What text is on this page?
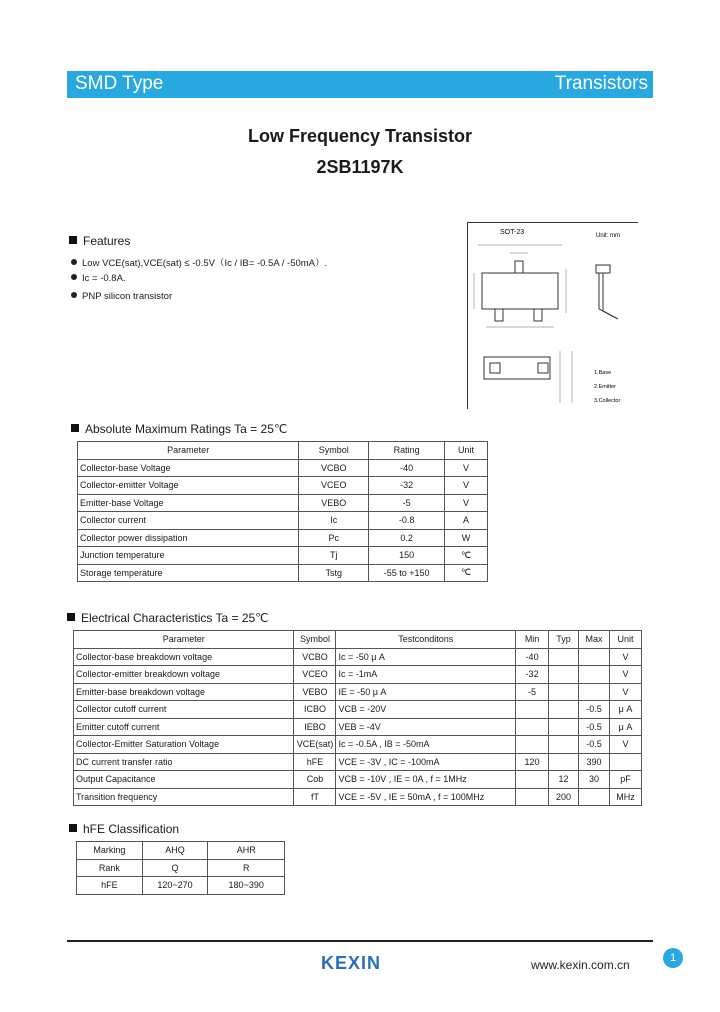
SMD Type	Transistors
Low Frequency Transistor
2SB1197K
Features
Low VCE(sat),VCE(sat) ≤ -0.5V（Ic / IB= -0.5A / -50mA）.
Ic = -0.8A.
PNP silicon transistor
SOT-23	Unit: mm
1.Base
2.Emitter
3.Collector
Absolute Maximum Ratings Ta = 25℃
Parameter	Symbol	Rating	Unit
Collector-base Voltage	VCBO	-40	V
Collector-emitter Voltage	VCEO	-32	V
Emitter-base Voltage	VEBO	-5	V
Collector current	Ic	-0.8	A
Collector power dissipation	Pc	0.2	W
Junction temperature	Tj	150	℃
Storage temperature	Tstg	-55 to +150	℃
Electrical Characteristics Ta = 25℃
Parameter	Symbol	Testconditons	Min	Typ	Max	Unit
Collector-base breakdown voltage	VCBO	Ic = -50 μ A	-40			V
Collector-emitter breakdown voltage	VCEO	Ic = -1mA	-32			V
Emitter-base breakdown voltage	VEBO	IE = -50 μ A	-5			V
Collector cutoff current	ICBO	VCB = -20V			-0.5	μ A
Emitter cutoff current	IEBO	VEB = -4V			-0.5	μ A
Collector-Emitter Saturation Voltage	VCE(sat)	Ic = -0.5A , IB = -50mA			-0.5	V
DC current transfer ratio	hFE	VCE = -3V , IC = -100mA	120		390	
Output Capacitance	Cob	VCB = -10V , IE = 0A , f = 1MHz		12	30	pF
Transition frequency	fT	VCE = -5V , IE = 50mA , f = 100MHz		200		MHz
hFE Classification
Marking	AHQ	AHR
Rank	Q	R
hFE	120~270	180~390
KEXIN	www.kexin.com.cn	1
